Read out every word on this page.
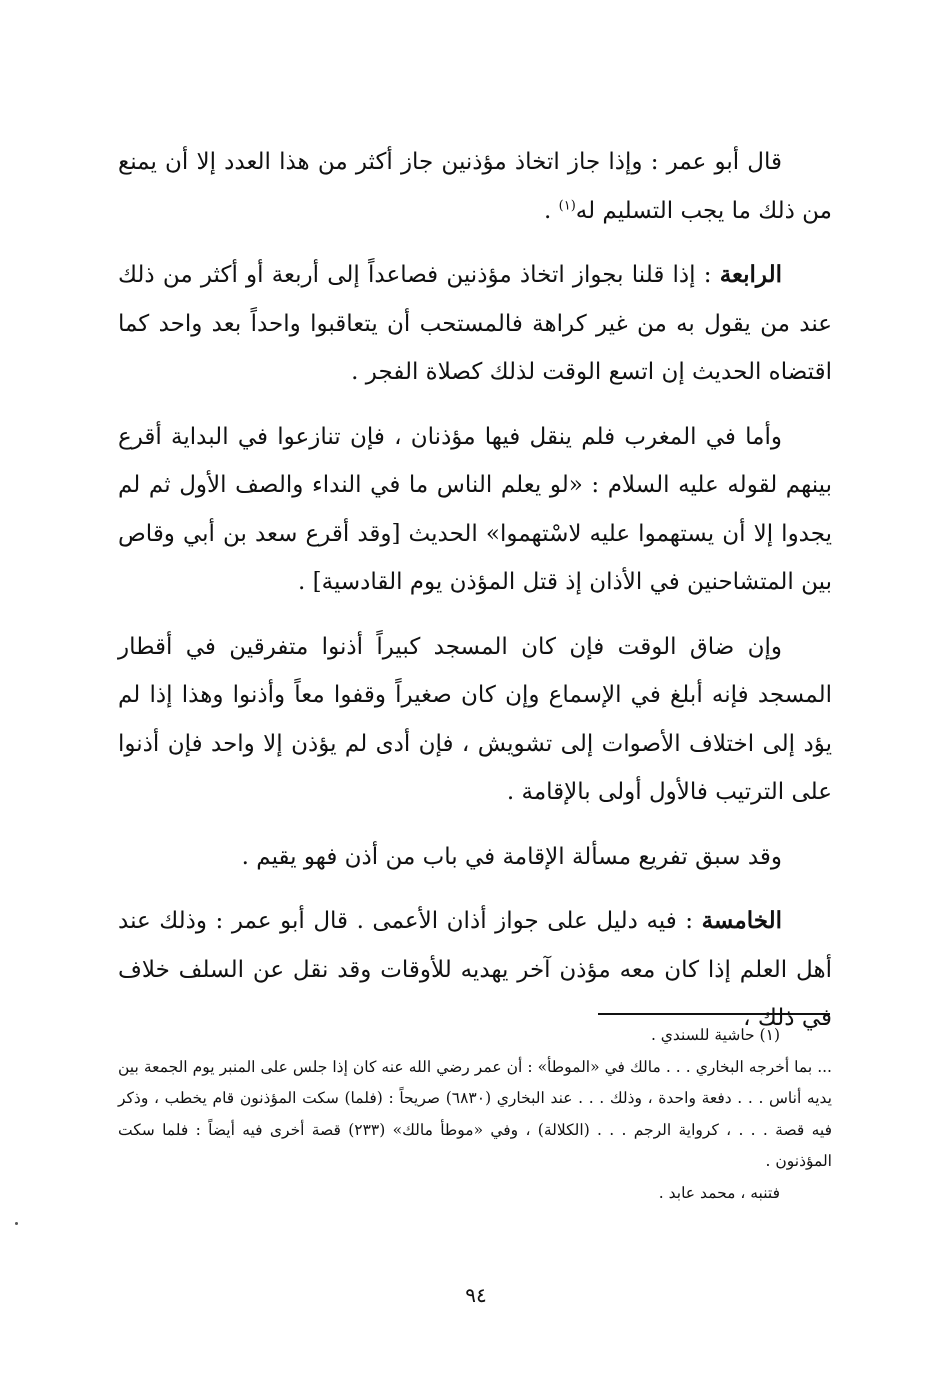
قال أبو عمر : وإذا جاز اتخاذ مؤذنين جاز أكثر من هذا العدد إلا أن يمنع من ذلك ما يجب التسليم له$^{(١)}$ .

الرابعة : إذا قلنا بجواز اتخاذ مؤذنين فصاعداً إلى أربعة أو أكثر من ذلك عند من يقول به من غير كراهة فالمستحب أن يتعاقبوا واحداً بعد واحد كما اقتضاه الحديث إن اتسع الوقت لذلك كصلاة الفجر .

وأما في المغرب فلم ينقل فيها مؤذنان ، فإن تنازعوا في البداية أقرع بينهم لقوله عليه السلام : «لو يعلم الناس ما في النداء والصف الأول ثم لم يجدوا إلا أن يستهموا عليه لاسْتهموا» الحديث [وقد أقرع سعد بن أبي وقاص بين المتشاحنين في الأذان إذ قتل المؤذن يوم القادسية] .

وإن ضاق الوقت فإن كان المسجد كبيراً أذنوا متفرقين في أقطار المسجد فإنه أبلغ في الإسماع وإن كان صغيراً وقفوا معاً وأذنوا وهذا إذا لم يؤد إلى اختلاف الأصوات إلى تشويش ، فإن أدى لم يؤذن إلا واحد فإن أذنوا على الترتيب فالأول أولى بالإقامة .

وقد سبق تفريع مسألة الإقامة في باب من أذن فهو يقيم .

الخامسة : فيه دليل على جواز أذان الأعمى . قال أبو عمر : وذلك عند أهل العلم إذا كان معه مؤذن آخر يهديه للأوقات وقد نقل عن السلف خلاف في ذلك ،

(١) حاشية للسندي .

... بما أخرجه البخاري . . . مالك في «الموطأ» : أن عمر رضي الله عنه كان إذا جلس على المنبر يوم الجمعة بين يديه أناس . . . دفعة واحدة ، وذلك . . . عند البخاري (٦٨٣٠) صريحاً : (فلما) سكت المؤذنون قام يخطب ، وذكر فيه قصة . . . ، كرواية الرجم . . . (الكلالة) ، وفي «موطأ مالك» (٢٣٣) قصة أخرى فيه أيضاً : فلما سكت المؤذنون .

فتنبه ، محمد عابد .

٩٤
